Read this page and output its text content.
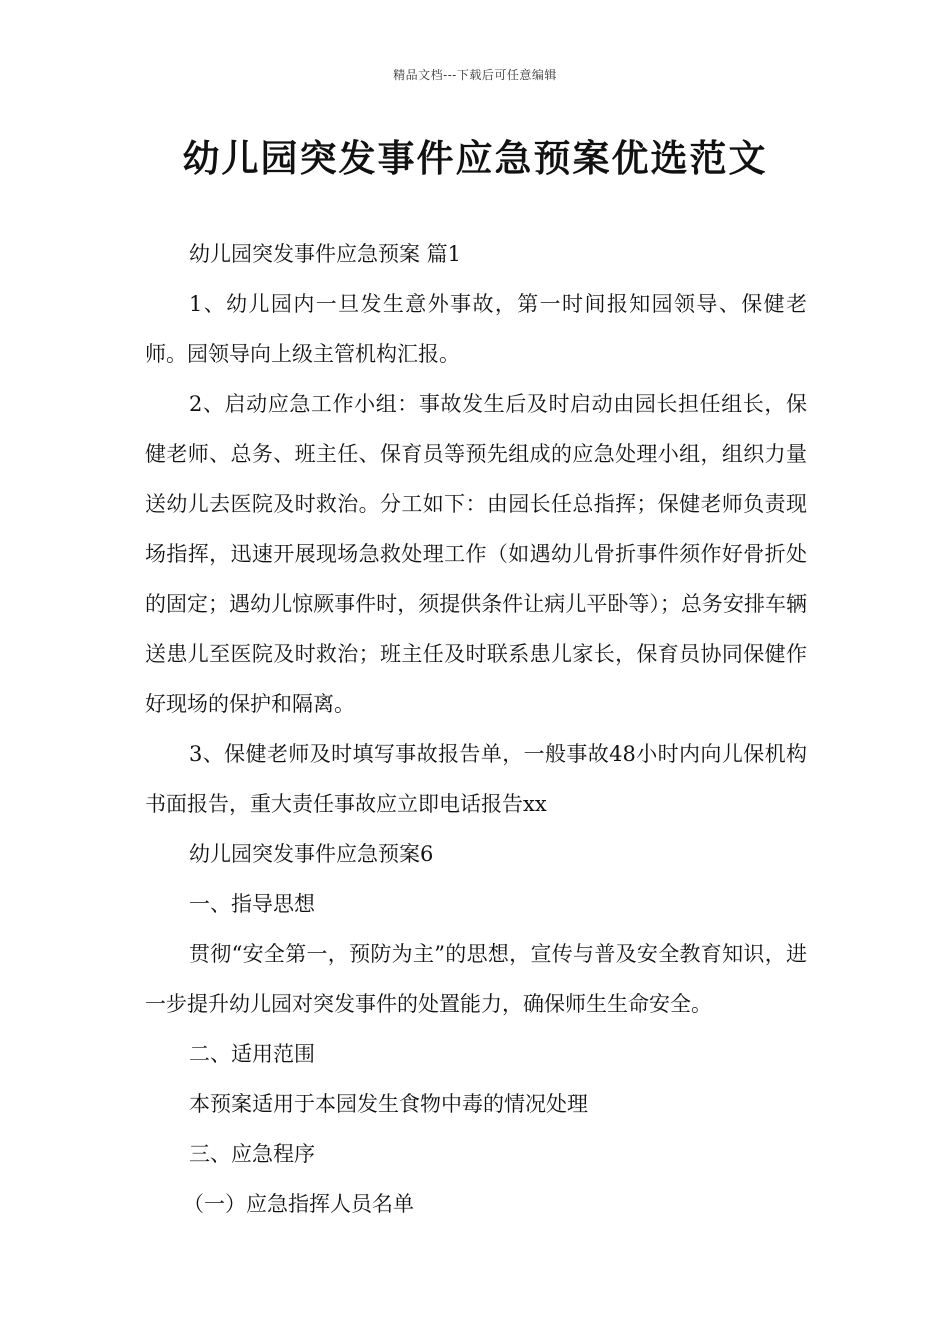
精品文档---下载后可任意编辑
幼儿园突发事件应急预案优选范文

幼儿园突发事件应急预案 篇1

1、幼儿园内一旦发生意外事故，第一时间报知园领导、保健老师。园领导向上级主管机构汇报。

2、启动应急工作小组：事故发生后及时启动由园长担任组长，保健老师、总务、班主任、保育员等预先组成的应急处理小组，组织力量送幼儿去医院及时救治。分工如下：由园长任总指挥；保健老师负责现场指挥，迅速开展现场急救处理工作（如遇幼儿骨折事件须作好骨折处的固定；遇幼儿惊厥事件时，须提供条件让病儿平卧等）；总务安排车辆送患儿至医院及时救治；班主任及时联系患儿家长，保育员协同保健作好现场的保护和隔离。

3、保健老师及时填写事故报告单，一般事故48小时内向儿保机构书面报告，重大责任事故应立即电话报告xx

幼儿园突发事件应急预案6

一、指导思想

贯彻“安全第一，预防为主”的思想，宣传与普及安全教育知识，进一步提升幼儿园对突发事件的处置能力，确保师生生命安全。

二、适用范围

本预案适用于本园发生食物中毒的情况处理

三、应急程序

（一）应急指挥人员名单
